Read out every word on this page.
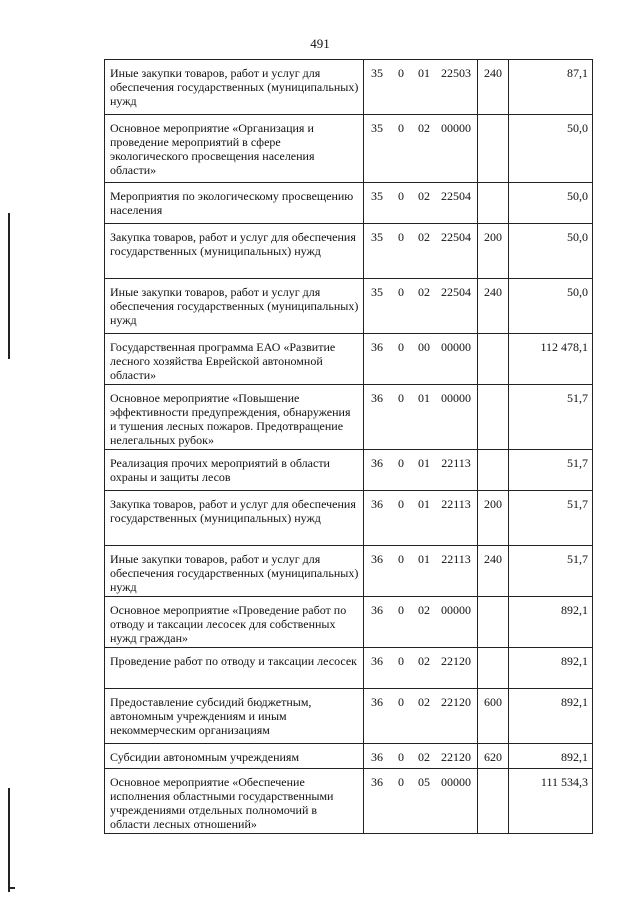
491
Иные закупки товаров, работ и услуг для обеспечения государственных (муниципальных) нужд	35 0 01 22503	240	87,1
Основное мероприятие «Организация и проведение мероприятий в сфере экологического просвещения населения области»	35 0 02 00000		50,0
Мероприятия по экологическому просвещению населения	35 0 02 22504		50,0
Закупка товаров, работ и услуг для обеспечения государственных (муниципальных) нужд	35 0 02 22504	200	50,0
Иные закупки товаров, работ и услуг для обеспечения государственных (муниципальных) нужд	35 0 02 22504	240	50,0
Государственная программа ЕАО «Развитие лесного хозяйства Еврейской автономной области»	36 0 00 00000		112 478,1
Основное мероприятие «Повышение эффективности предупреждения, обнаружения и тушения лесных пожаров. Предотвращение нелегальных рубок»	36 0 01 00000		51,7
Реализация прочих мероприятий в области охраны и защиты лесов	36 0 01 22113		51,7
Закупка товаров, работ и услуг для обеспечения государственных (муниципальных) нужд	36 0 01 22113	200	51,7
Иные закупки товаров, работ и услуг для обеспечения государственных (муниципальных) нужд	36 0 01 22113	240	51,7
Основное мероприятие «Проведение работ по отводу и таксации лесосек для собственных нужд граждан»	36 0 02 00000		892,1
Проведение работ по отводу и таксации лесосек	36 0 02 22120		892,1
Предоставление субсидий бюджетным, автономным учреждениям и иным некоммерческим организациям	36 0 02 22120	600	892,1
Субсидии автономным учреждениям	36 0 02 22120	620	892,1
Основное мероприятие «Обеспечение исполнения областными государственными учреждениями отдельных полномочий в области лесных отношений»	36 0 05 00000		111 534,3
